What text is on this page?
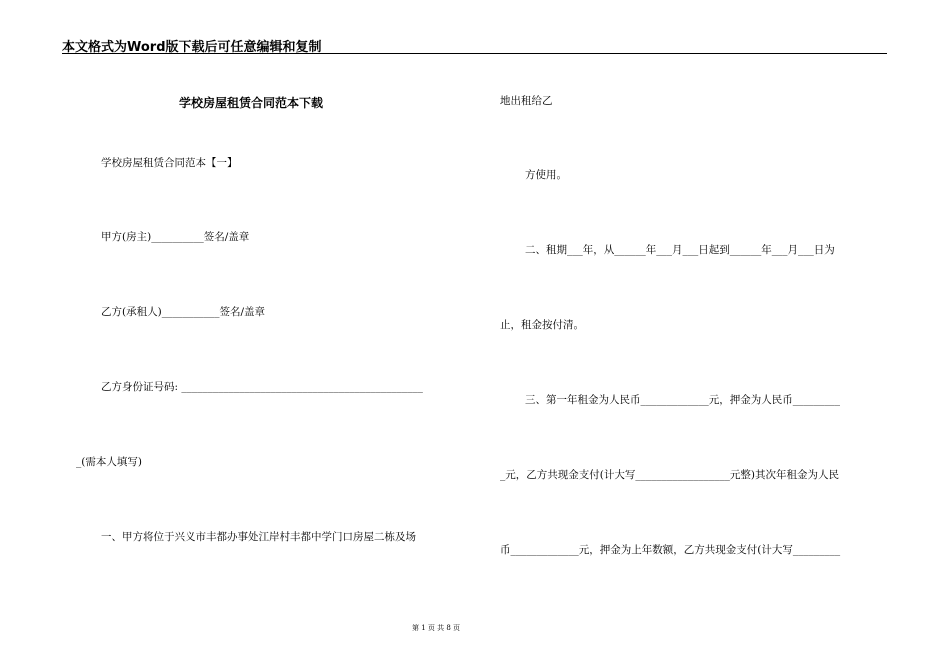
本文格式为Word版下载后可任意编辑和复制
学校房屋租赁合同范本下载
学校房屋租赁合同范本【一】
甲方(房主)__________签名/盖章
乙方(承租人)___________签名/盖章
乙方身份证号码: ______________________________________________
_(需本人填写)
一、甲方将位于兴义市丰都办事处江岸村丰都中学门口房屋二栋及场
地出租给乙
方使用。
二、租期___年，从______年___月___日起到______年___月___日为
止，租金按付清。
三、第一年租金为人民币_____________元，押金为人民币_________
_元，乙方共现金支付(计大写__________________元整)其次年租金为人民
币_____________元，押金为上年数额，乙方共现金支付(计大写_________
第 1 页 共 8 页
